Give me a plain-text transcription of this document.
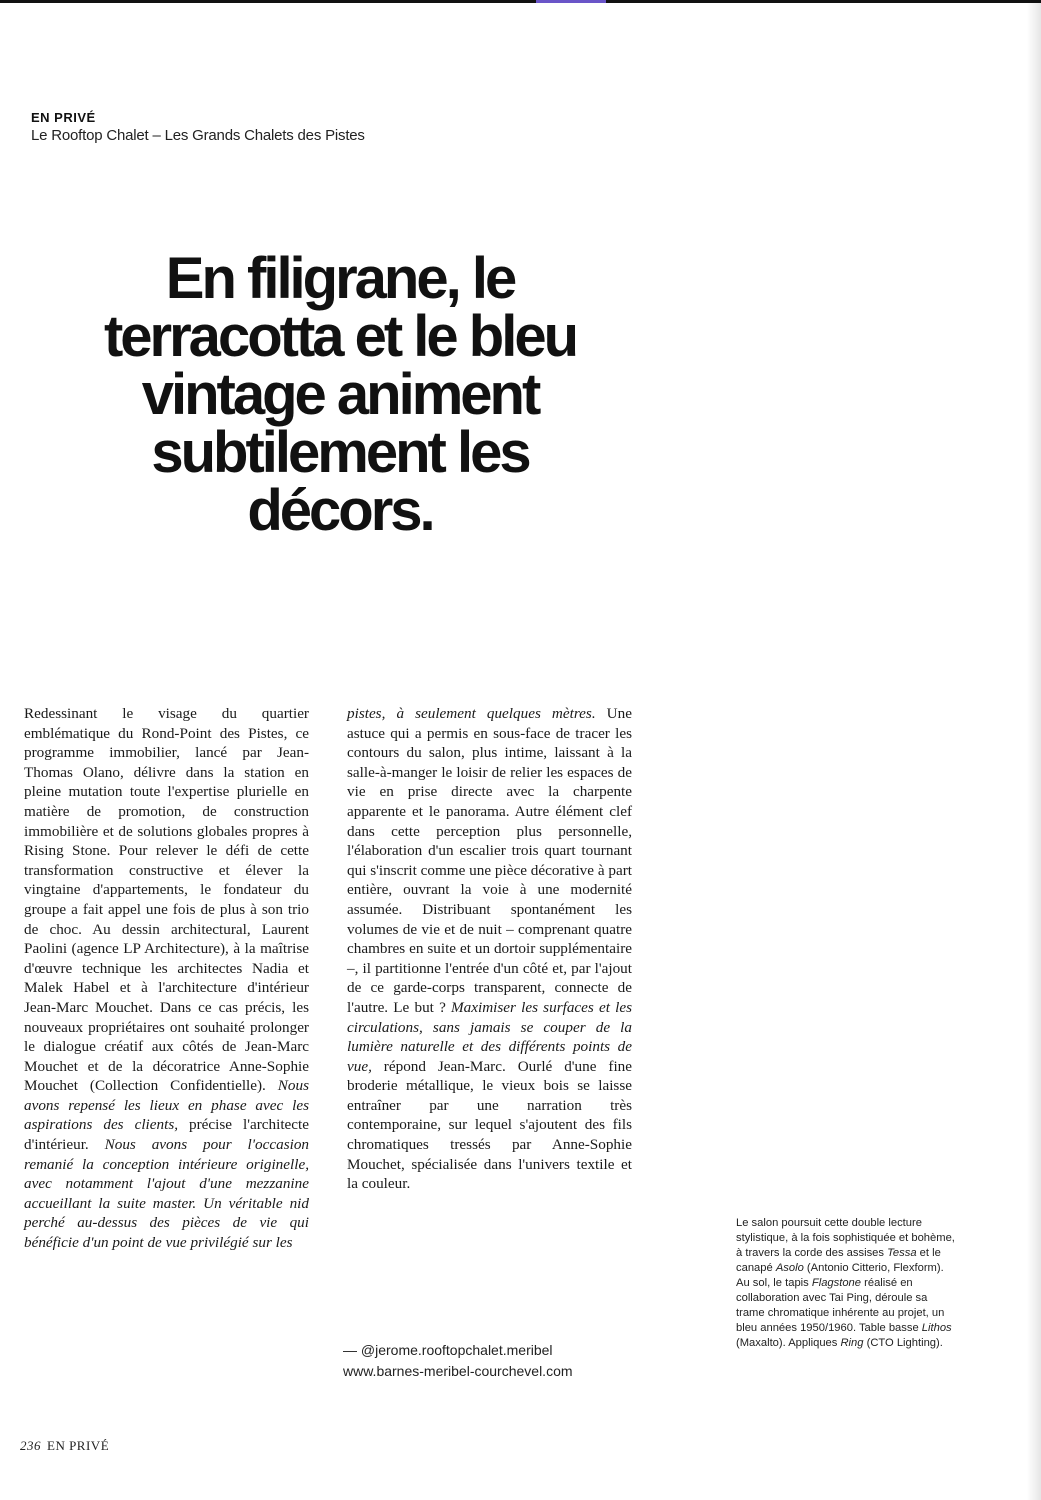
EN PRIVÉ
Le Rooftop Chalet – Les Grands Chalets des Pistes
En filigrane, le terracotta et le bleu vintage animent subtilement les décors.

Redessinant le visage du quartier emblématique du Rond-Point des Pistes, ce programme immobilier, lancé par Jean-Thomas Olano, délivre dans la station en pleine mutation toute l'expertise plurielle en matière de promotion, de construction immobilière et de solutions globales propres à Rising Stone. Pour relever le défi de cette transformation constructive et élever la vingtaine d'appartements, le fondateur du groupe a fait appel une fois de plus à son trio de choc. Au dessin architectural, Laurent Paolini (agence LP Architecture), à la maîtrise d'œuvre technique les architectes Nadia et Malek Habel et à l'architecture d'intérieur Jean-Marc Mouchet. Dans ce cas précis, les nouveaux propriétaires ont souhaité prolonger le dialogue créatif aux côtés de Jean-Marc Mouchet et de la décoratrice Anne-Sophie Mouchet (Collection Confidentielle). Nous avons repensé les lieux en phase avec les aspirations des clients, précise l'architecte d'intérieur. Nous avons pour l'occasion remanié la conception intérieure originelle, avec notamment l'ajout d'une mezzanine accueillant la suite master. Un véritable nid perché au-dessus des pièces de vie qui bénéficie d'un point de vue privilégié sur les

pistes, à seulement quelques mètres. Une astuce qui a permis en sous-face de tracer les contours du salon, plus intime, laissant à la salle-à-manger le loisir de relier les espaces de vie en prise directe avec la charpente apparente et le panorama. Autre élément clef dans cette perception plus personnelle, l'élaboration d'un escalier trois quart tournant qui s'inscrit comme une pièce décorative à part entière, ouvrant la voie à une modernité assumée. Distribuant spontanément les volumes de vie et de nuit – comprenant quatre chambres en suite et un dortoir supplémentaire –, il partitionne l'entrée d'un côté et, par l'ajout de ce garde-corps transparent, connecte de l'autre. Le but ? Maximiser les surfaces et les circulations, sans jamais se couper de la lumière naturelle et des différents points de vue, répond Jean-Marc. Ourlé d'une fine broderie métallique, le vieux bois se laisse entraîner par une narration très contemporaine, sur lequel s'ajoutent des fils chromatiques tressés par Anne-Sophie Mouchet, spécialisée dans l'univers textile et la couleur.

— @jerome.rooftopchalet.meribel
www.barnes-meribel-courchevel.com
Le salon poursuit cette double lecture stylistique, à la fois sophistiquée et bohème, à travers la corde des assises Tessa et le canapé Asolo (Antonio Citterio, Flexform). Au sol, le tapis Flagstone réalisé en collaboration avec Tai Ping, déroule sa trame chromatique inhérente au projet, un bleu années 1950/1960. Table basse Lithos (Maxalto). Appliques Ring (CTO Lighting).
236 EN PRIVÉ
